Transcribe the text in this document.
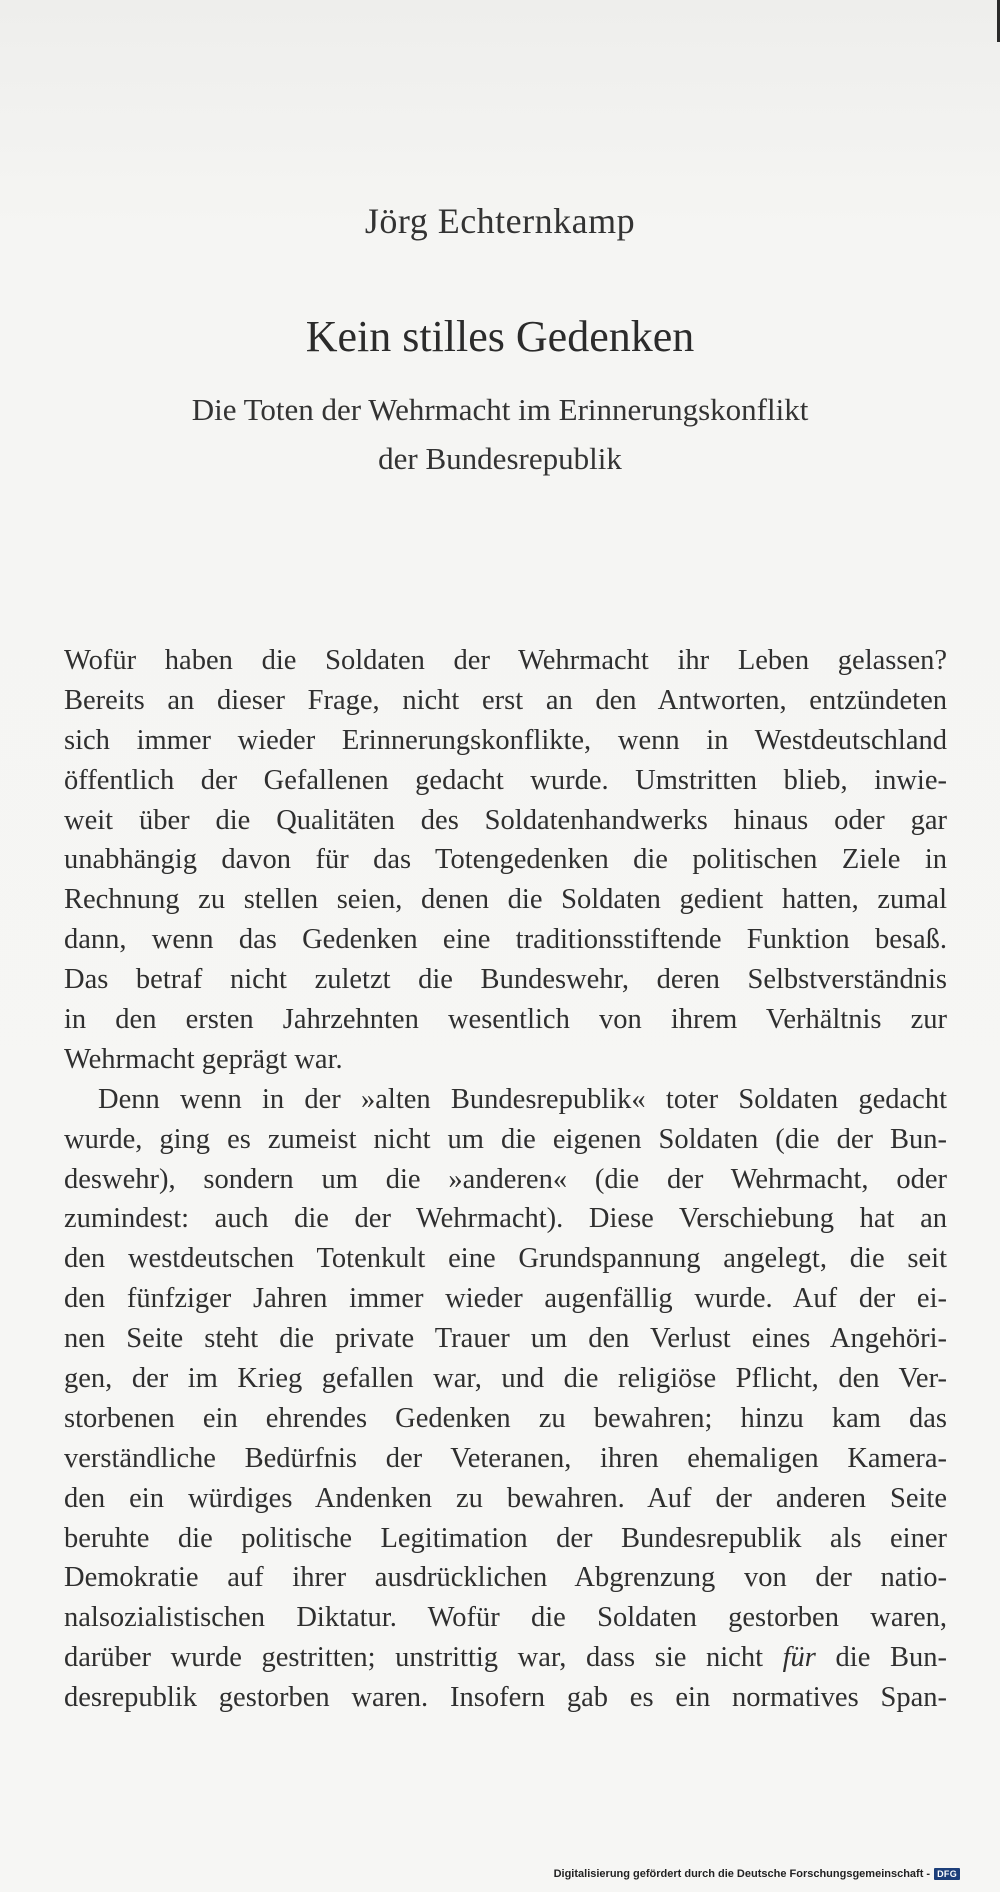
Jörg Echternkamp
Kein stilles Gedenken
Die Toten der Wehrmacht im Erinnerungskonflikt
der Bundesrepublik
Wofür haben die Soldaten der Wehrmacht ihr Leben gelassen?
Bereits an dieser Frage, nicht erst an den Antworten, entzündeten
sich immer wieder Erinnerungskonflikte, wenn in Westdeutschland
öffentlich der Gefallenen gedacht wurde. Umstritten blieb, inwie-
weit über die Qualitäten des Soldatenhandwerks hinaus oder gar
unabhängig davon für das Totengedenken die politischen Ziele in
Rechnung zu stellen seien, denen die Soldaten gedient hatten, zumal
dann, wenn das Gedenken eine traditionsstiftende Funktion besaß.
Das betraf nicht zuletzt die Bundeswehr, deren Selbstverständnis
in den ersten Jahrzehnten wesentlich von ihrem Verhältnis zur
Wehrmacht geprägt war.
Denn wenn in der »alten Bundesrepublik« toter Soldaten gedacht
wurde, ging es zumeist nicht um die eigenen Soldaten (die der Bun-
deswehr), sondern um die »anderen« (die der Wehrmacht, oder
zumindest: auch die der Wehrmacht). Diese Verschiebung hat an
den westdeutschen Totenkult eine Grundspannung angelegt, die seit
den fünfziger Jahren immer wieder augenfällig wurde. Auf der ei-
nen Seite steht die private Trauer um den Verlust eines Angehöri-
gen, der im Krieg gefallen war, und die religiöse Pflicht, den Ver-
storbenen ein ehrendes Gedenken zu bewahren; hinzu kam das
verständliche Bedürfnis der Veteranen, ihren ehemaligen Kamera-
den ein würdiges Andenken zu bewahren. Auf der anderen Seite
beruhte die politische Legitimation der Bundesrepublik als einer
Demokratie auf ihrer ausdrücklichen Abgrenzung von der natio-
nalsozialistischen Diktatur. Wofür die Soldaten gestorben waren,
darüber wurde gestritten; unstrittig war, dass sie nicht für die Bun-
desrepublik gestorben waren. Insofern gab es ein normatives Span-
Digitalisierung gefördert durch die Deutsche Forschungsgemeinschaft - DFG
